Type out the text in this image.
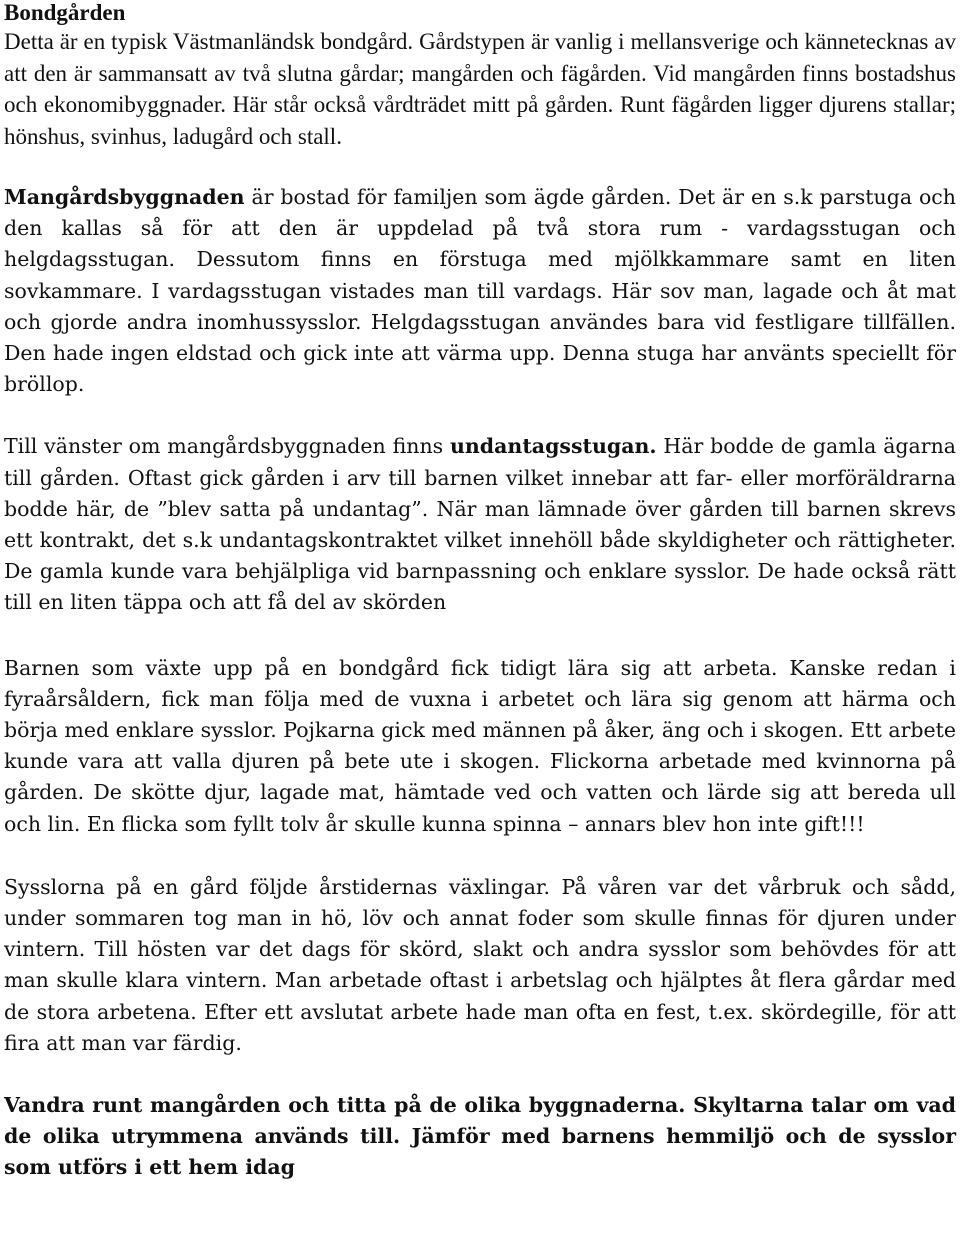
Bondgården

Detta är en typisk Västmanländsk bondgård. Gårdstypen är vanlig i mellansverige och kännetecknas av att den är sammansatt av två slutna gårdar; mangården och fägården. Vid mangården finns bostadshus och ekonomibyggnader. Här står också vårdträdet mitt på gården. Runt fägården ligger djurens stallar; hönshus, svinhus, ladugård och stall.

Mangårdsbyggnaden är bostad för familjen som ägde gården. Det är en s.k parstuga och den kallas så för att den är uppdelad på två stora rum - vardagsstugan och helgdagsstugan. Dessutom finns en förstuga med mjölkkammare samt en liten sovkammare. I vardagsstugan vistades man till vardags. Här sov man, lagade och åt mat och gjorde andra inomhussysslor. Helgdagsstugan användes bara vid festligare tillfällen. Den hade ingen eldstad och gick inte att värma upp. Denna stuga har använts speciellt för bröllop.

Till vänster om mangårdsbyggnaden finns undantagsstugan. Här bodde de gamla ägarna till gården. Oftast gick gården i arv till barnen vilket innebar att far- eller morföräldrarna bodde här, de ”blev satta på undantag”. När man lämnade över gården till barnen skrevs ett kontrakt, det s.k undantagskontraktet vilket innehöll både skyldigheter och rättigheter. De gamla kunde vara behjälpliga vid barnpassning och enklare sysslor. De hade också rätt till en liten täppa och att få del av skörden

Barnen som växte upp på en bondgård fick tidigt lära sig att arbeta. Kanske redan i fyraårsåldern, fick man följa med de vuxna i arbetet och lära sig genom att härma och börja med enklare sysslor. Pojkarna gick med männen på åker, äng och i skogen. Ett arbete kunde vara att valla djuren på bete ute i skogen. Flickorna arbetade med kvinnorna på gården. De skötte djur, lagade mat, hämtade ved och vatten och lärde sig att bereda ull och lin. En flicka som fyllt tolv år skulle kunna spinna – annars blev hon inte gift!!!

Sysslorna på en gård följde årstidernas växlingar. På våren var det vårbruk och sådd, under sommaren tog man in hö, löv och annat foder som skulle finnas för djuren under vintern. Till hösten var det dags för skörd, slakt och andra sysslor som behövdes för att man skulle klara vintern. Man arbetade oftast i arbetslag och hjälptes åt flera gårdar med de stora arbetena. Efter ett avslutat arbete hade man ofta en fest, t.ex. skördegille, för att fira att man var färdig.

Vandra runt mangården och titta på de olika byggnaderna. Skyltarna talar om vad de olika utrymmena används till. Jämför med barnens hemmiljö och de sysslor som utförs i ett hem idag
